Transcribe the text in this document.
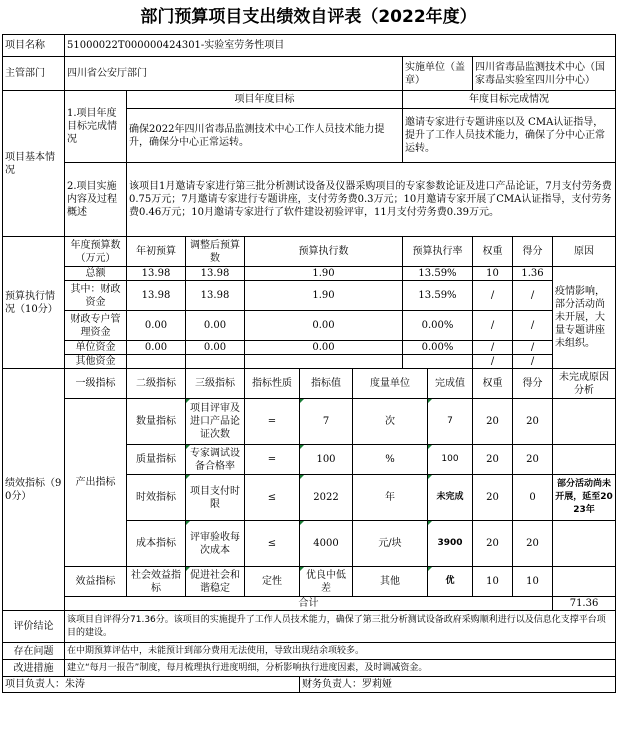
部门预算项目支出绩效自评表（2022年度）
项目名称	51000022T000000424301-实验室劳务性项目											
主管部门	四川省公安厅部门						实施单位（盖章）		四川省毒品监测技术中心（国家毒品实验室四川分中心）			
项目基本情况	1.项目年度目标完成情况	项目年度目标					年度目标完成情况					
		确保2022年四川省毒品监测技术中心工作人员技术能力提升，确保分中心正常运转。					邀请专家进行专题讲座以及 CMA认证指导，提升了工作人员技术能力，确保了分中心正常运转。					
	2.项目实施内容及过程概述	该项目1月邀请专家进行第三批分析测试设备及仪器采购项目的专家参数论证及进口产品论证，7月支付劳务费0.75万元；7月邀请专家进行专题讲座，支付劳务费0.3万元；10月邀请专家开展了CMA认证指导，支付劳务费0.46万元；10月邀请专家进行了软件建设初验评审，11月支付劳务费0.39万元。										
预算执行情况（10分）	年度预算数（万元）	年初预算	调整后预算数	预算执行数			预算执行率		权重	得分	原因	
	总额	13.98	13.98	1.90			13.59%		10	1.36	疫情影响，部分活动尚未开展，大量专题讲座未组织。	
	其中：财政资金	13.98	13.98	1.90			13.59%		/	/		
	财政专户管理资金	0.00	0.00	0.00			0.00%		/	/		
	单位资金	0.00	0.00	0.00			0.00%		/	/		
	其他资金								/	/		
绩效指标（90分）	一级指标	二级指标	三级指标	指标性质	指标值	度量单位		完成值	权重	得分	未完成原因分析	
	产出指标	数量指标	项目评审及进口产品论证次数	=	7	次		7	20	20		
		质量指标	专家调试设备合格率	=	100	%		100	20	20		
		时效指标	项目支付时限	≤	2022	年		未完成	20	0	部分活动尚未开展，延至2023年	
		成本指标	评审验收每次成本	≤	4000	元/块		3900	20	20		
	效益指标	社会效益指标	促进社会和谐稳定	定性	优良中低差	其他		优	10	10		
	合计										71.36	
评价结论	该项目自评得分71.36分。该项目的实施提升了工作人员技术能力，确保了第三批分析测试设备政府采购顺利进行以及信息化支撑平台项目的建设。											
存在问题	在中期预算评估中，未能预计到部分费用无法使用，导致出现结余项较多。											
改进措施	建立“每月一报告”制度，每月梳理执行进度明细，分析影响执行进度因素，及时调减资金。											
项目负责人：朱涛					财务负责人：罗莉娅							
